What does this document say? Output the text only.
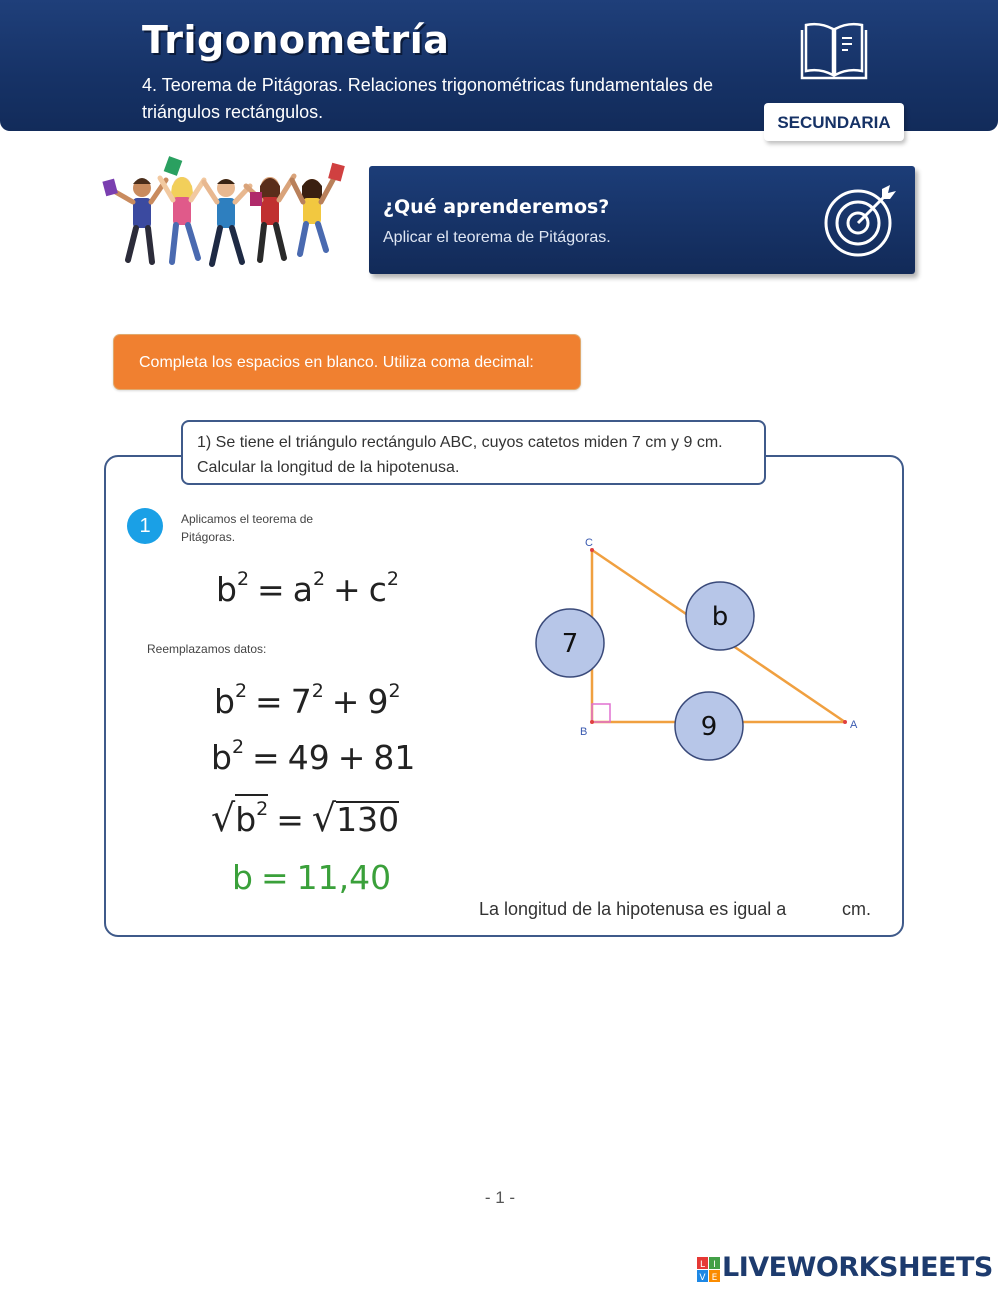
Trigonometría
4. Teorema de Pitágoras. Relaciones trigonométricas fundamentales de triángulos rectángulos.
SECUNDARIA
¿Qué aprenderemos?
Aplicar el teorema de Pitágoras.
Completa los espacios en blanco. Utiliza coma decimal:
1) Se tiene el triángulo rectángulo ABC, cuyos catetos miden 7 cm y 9 cm. Calcular la longitud de la hipotenusa.
1	Aplicamos el teorema de Pitágoras.
$b^2 = a^2 + c^2$
Reemplazamos datos:
$b^2 = 7^2 + 9^2$
$b^2 = 49 + 81$
$√b^2 = √130$
b = 11,40
C
B
A
7
b
9
La longitud de la hipotenusa es igual a	cm.
- 1 -
L I
V E LIVEWORKSHEETS
